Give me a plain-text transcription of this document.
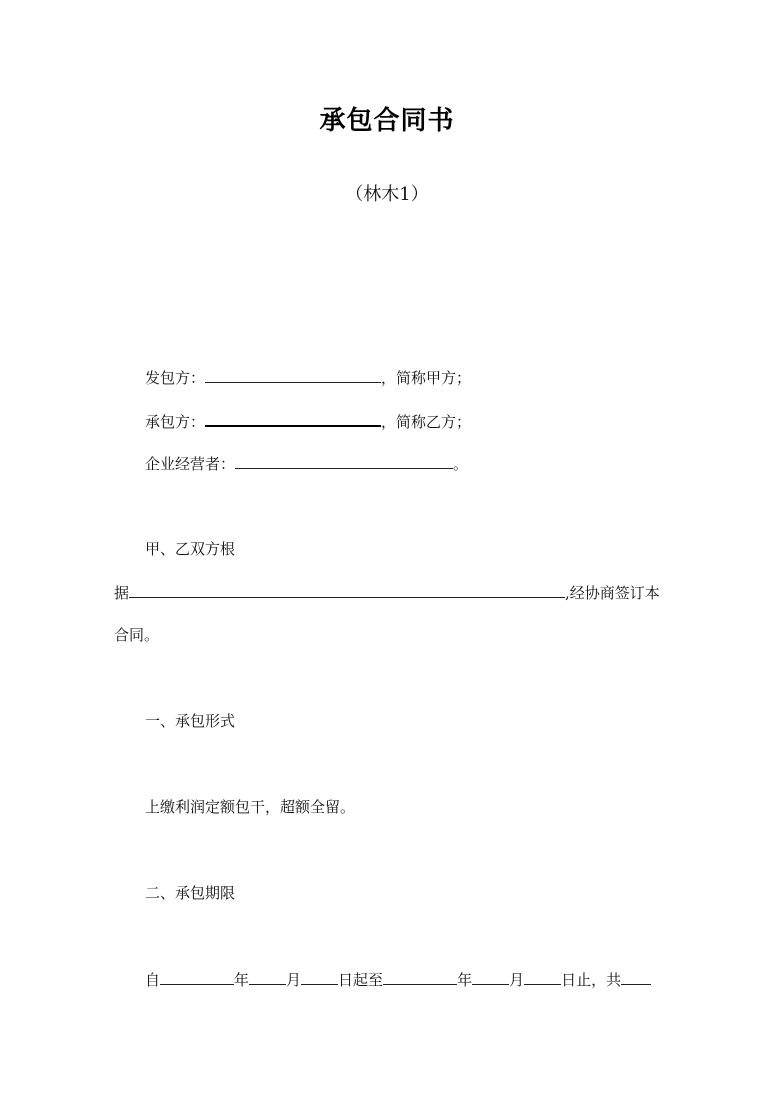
承包合同书
（林木1）
发包方：	，简称甲方；
承包方：	，简称乙方；
企业经营者：	。
甲、乙双方根
据	,经协商签订本
合同。
一、承包形式
上缴利润定额包干，超额全留。
二、承包期限
自	年 月 日起至	年 月 日止，共
